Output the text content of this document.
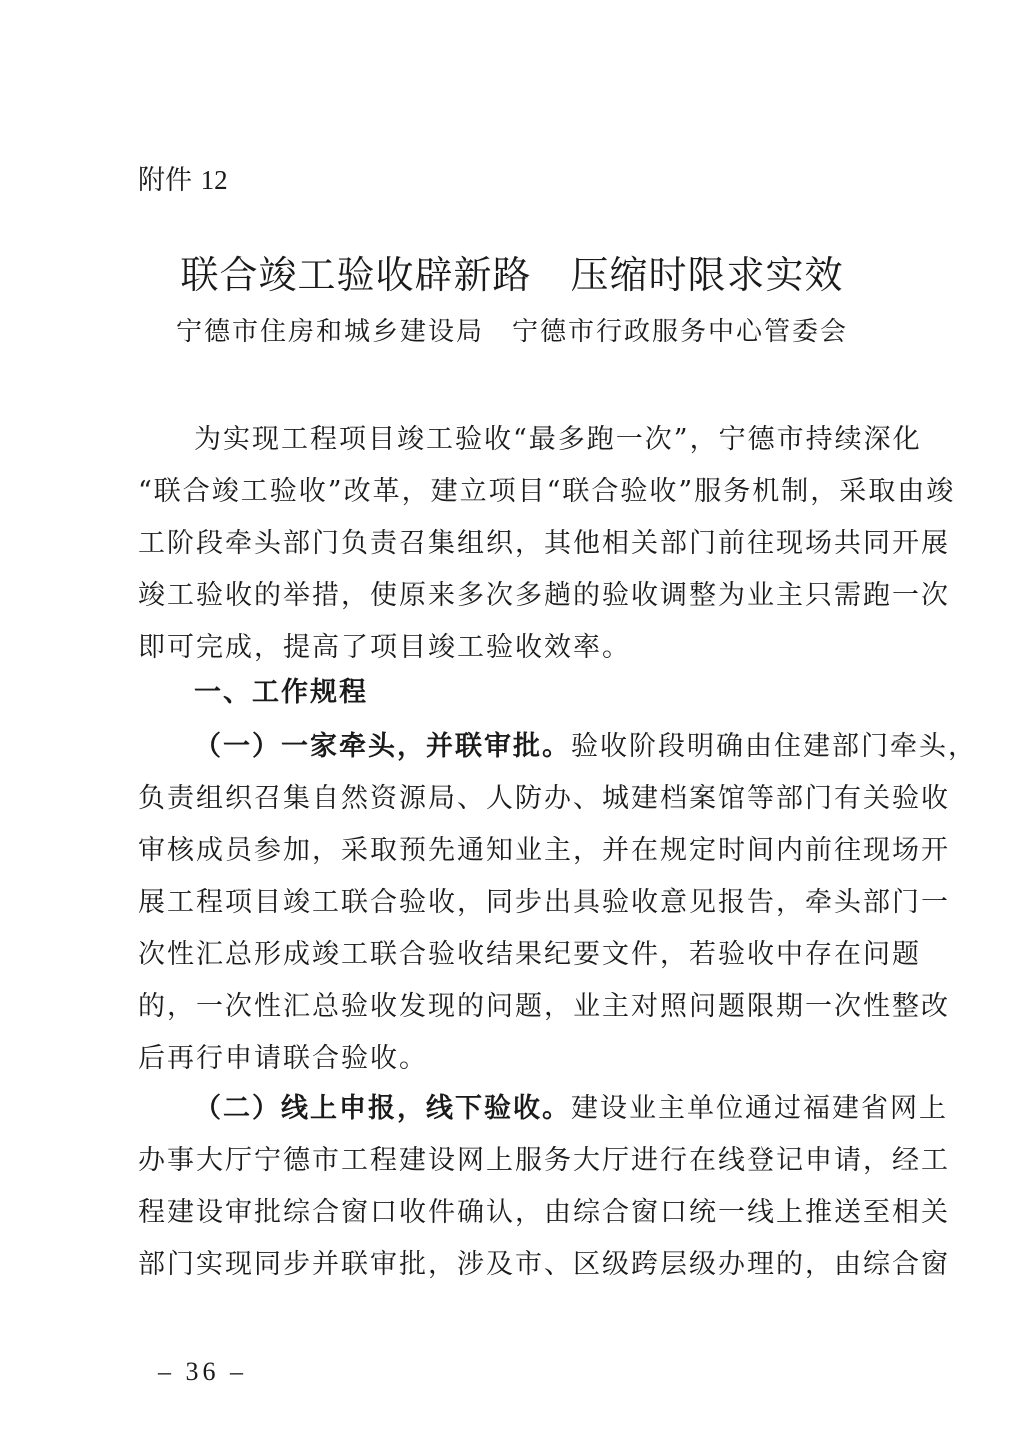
附件 12
联合竣工验收辟新路　压缩时限求实效
宁德市住房和城乡建设局　宁德市行政服务中心管委会
为实现工程项目竣工验收“最多跑一次”，宁德市持续深化
“联合竣工验收”改革，建立项目“联合验收”服务机制，采取由竣
工阶段牵头部门负责召集组织，其他相关部门前往现场共同开展
竣工验收的举措，使原来多次多趟的验收调整为业主只需跑一次
即可完成，提高了项目竣工验收效率。
一、工作规程
（一）一家牵头，并联审批。验收阶段明确由住建部门牵头，
负责组织召集自然资源局、人防办、城建档案馆等部门有关验收
审核成员参加，采取预先通知业主，并在规定时间内前往现场开
展工程项目竣工联合验收，同步出具验收意见报告，牵头部门一
次性汇总形成竣工联合验收结果纪要文件，若验收中存在问题
的，一次性汇总验收发现的问题，业主对照问题限期一次性整改
后再行申请联合验收。
（二）线上申报，线下验收。建设业主单位通过福建省网上
办事大厅宁德市工程建设网上服务大厅进行在线登记申请，经工
程建设审批综合窗口收件确认，由综合窗口统一线上推送至相关
部门实现同步并联审批，涉及市、区级跨层级办理的，由综合窗
– 36 –
